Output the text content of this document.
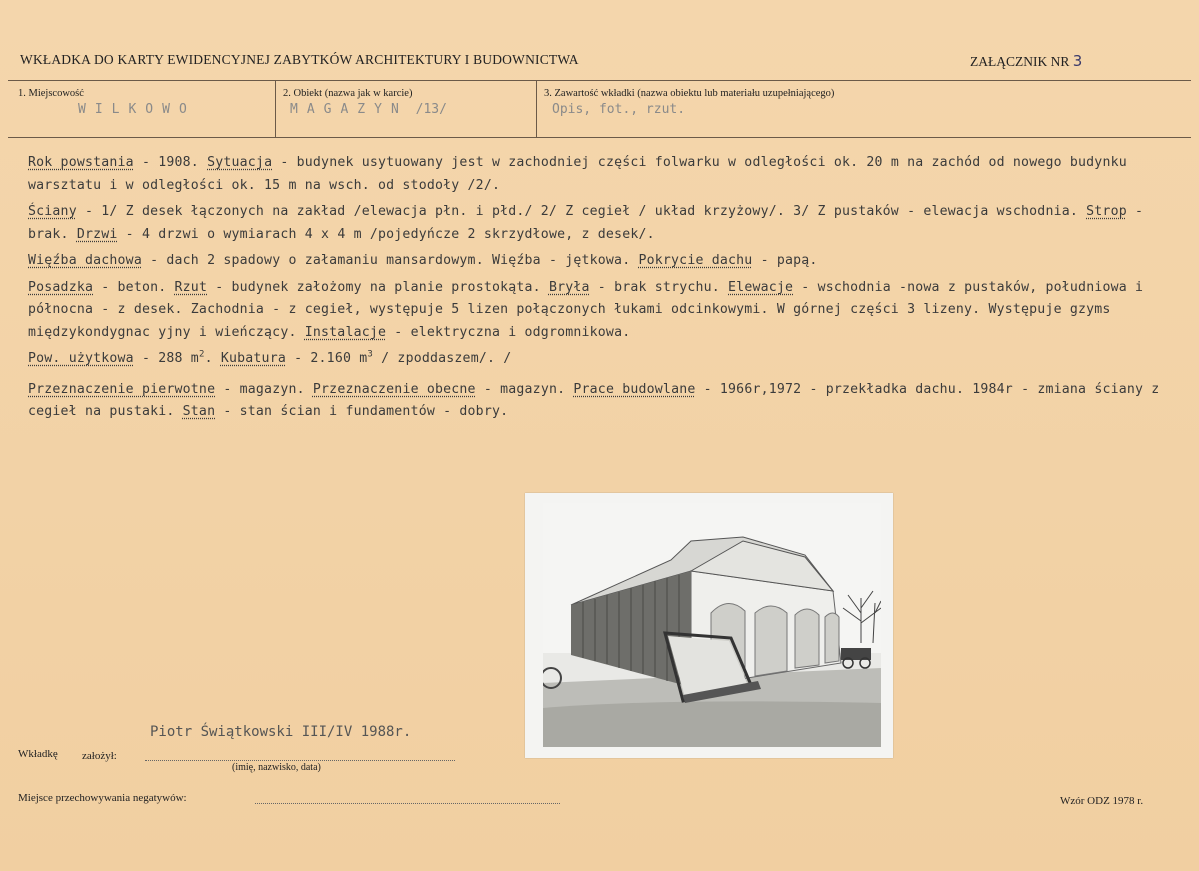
WKŁADKA DO KARTY EWIDENCYJNEJ ZABYTKÓW ARCHITEKTURY I BUDOWNICTWA	ZAŁĄCZNIK NR 3
1. Miejscowość
WILKOWO
2. Obiekt (nazwa jak w karcie)
MAGAZYN /13/
3. Zawartość wkładki (nazwa obiektu lub materiału uzupełniającego)
Opis, fot., rzut.
Rok powstania - 1908. Sytuacja - budynek usytuowany jest w zachodniej części folwarku w odległości ok. 20 m na zachód od nowego budynku warsztatu i w odległości ok. 15 m na wsch. od stodoły /2/.
Ściany - 1/ Z desek łączonych na zakład /elewacja płn. i płd./ 2/ Z cegieł / układ krzyżowy/. 3/ Z pustaków - elewacja wschodnia. Strop - brak. Drzwi - 4 drzwi o wymiarach 4 x 4 m /pojedyńcze 2 skrzydłowe, z desek/.
Więźba dachowa - dach 2 spadowy o załamaniu mansardowym. Więźba - jętkowa. Pokrycie dachu - papą.
Posadzka - beton. Rzut - budynek założomy na planie prostokąta. Bryła - brak strychu. Elewacje - wschodnia -nowa z pustaków, południowa i północna - z desek. Zachodnia - z cegieł, występuje 5 lizen połączonych łukami odcinkowymi. W górnej części 3 lizeny. Występuje gzyms międzykondygnac yjny i wieńczący. Instalacje - elektryczna i odgromnikowa.
Pow. użytkowa - 288 $m^2$. Kubatura - 2.160 $m^3$ / zpoddaszem/. /
Przeznaczenie pierwotne - magazyn. Przeznaczenie obecne - magazyn. Prace budowlane - 1966r,1972 - przekładka dachu. 1984r - zmiana ściany z cegieł na pustaki. Stan - stan ścian i fundamentów - dobry.
Piotr Świątkowski III/IV 1988r.
Wkładkę założył:
(imię, nazwisko, data)
Miejsce przechowywania negatywów:	Wzór ODZ 1978 r.
